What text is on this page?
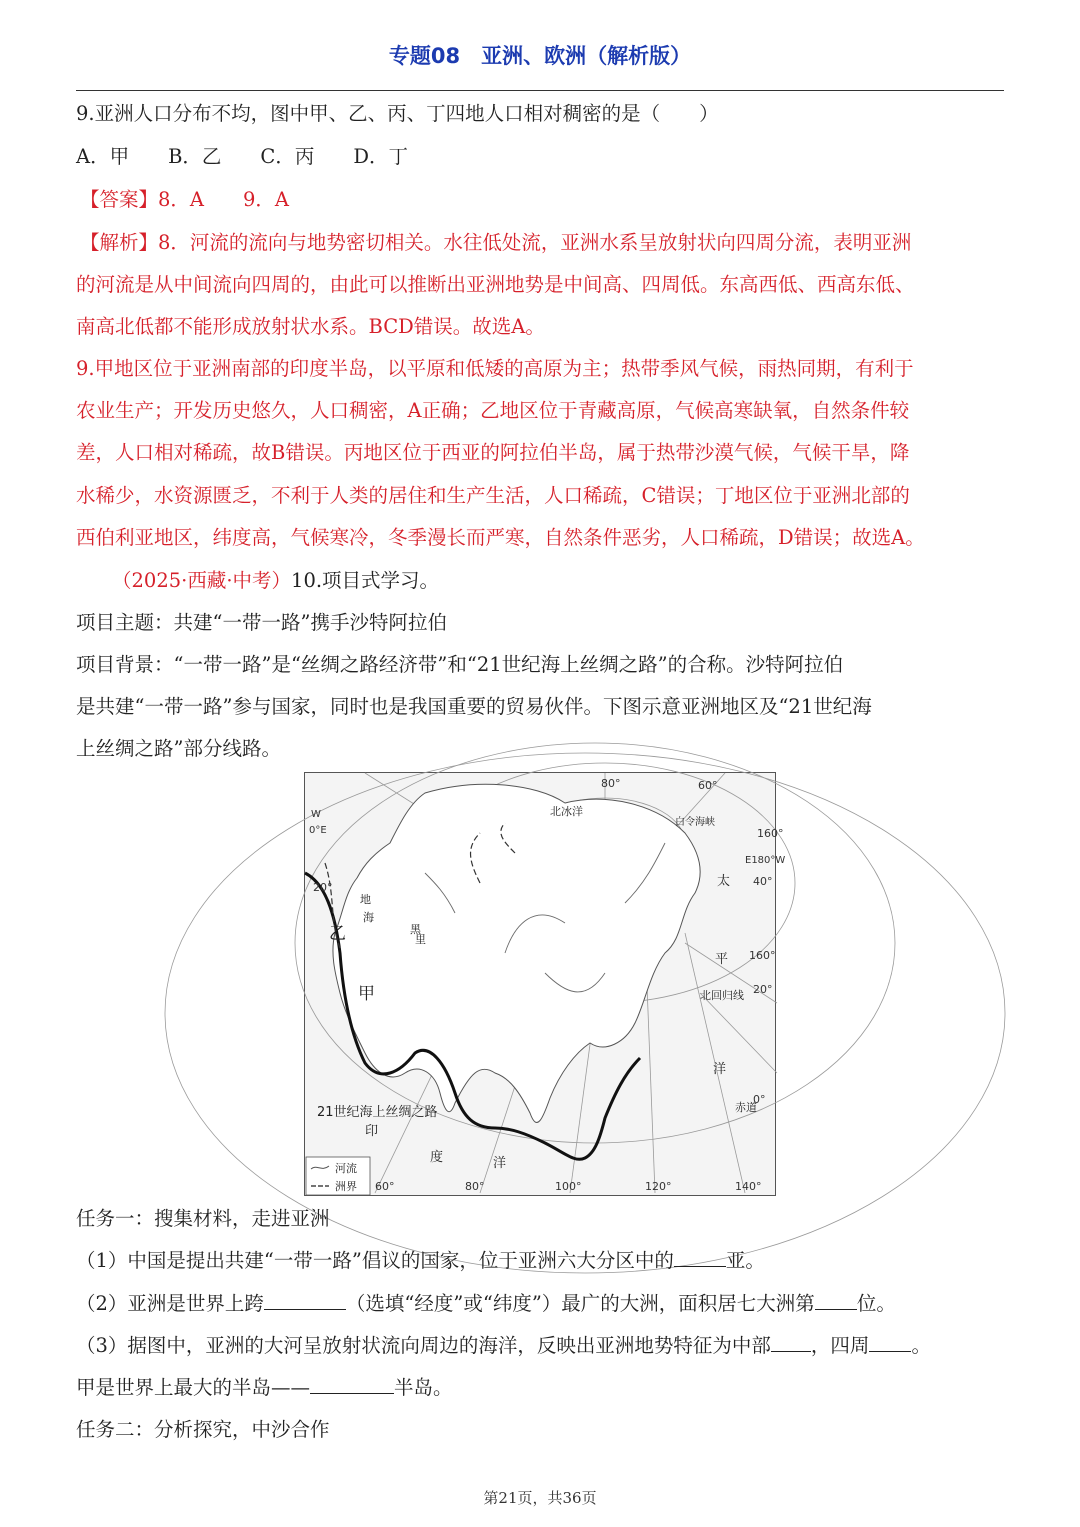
专题08　亚洲、欧洲（解析版）
9.亚洲人口分布不均，图中甲、乙、丙、丁四地人口相对稠密的是（　　）
A．甲　　B．乙　　C．丙　　D．丁
【答案】8．A　　9．A
【解析】8．河流的流向与地势密切相关。水往低处流，亚洲水系呈放射状向四周分流，表明亚洲
的河流是从中间流向四周的，由此可以推断出亚洲地势是中间高、四周低。东高西低、西高东低、
南高北低都不能形成放射状水系。BCD错误。故选A。
9.甲地区位于亚洲南部的印度半岛，以平原和低矮的高原为主；热带季风气候，雨热同期，有利于
农业生产；开发历史悠久，人口稠密，A正确；乙地区位于青藏高原，气候高寒缺氧，自然条件较
差，人口相对稀疏，故B错误。丙地区位于西亚的阿拉伯半岛，属于热带沙漠气候，气候干旱，降
水稀少，水资源匮乏，不利于人类的居住和生产生活，人口稀疏，C错误；丁地区位于亚洲北部的
西伯利亚地区，纬度高，气候寒冷，冬季漫长而严寒，自然条件恶劣，人口稀疏，D错误；故选A。
（2025·西藏·中考）10.项目式学习。
项目主题：共建“一带一路”携手沙特阿拉伯
项目背景：“一带一路”是“丝绸之路经济带”和“21世纪海上丝绸之路”的合称。沙特阿拉伯
是共建“一带一路”参与国家，同时也是我国重要的贸易伙伴。下图示意亚洲地区及“21世纪海
上丝绸之路”部分线路。
乙
甲
太
平
洋
印
度	洋
北冰洋
地
海
黑
里
北回归线
赤道
白令海峡
21世纪海上丝绸之路
60°	80°	100°	120°	140°
60°
40°
20°
0°
20°
80°
160°
E180°W
160°
0°E
W
河流
洲界
任务一：搜集材料，走进亚洲
（1）中国是提出共建“一带一路”倡议的国家，位于亚洲六大分区中的	亚。
（2）亚洲是世界上跨	（选填“经度”或“纬度”）最广的大洲，面积居七大洲第 位。
（3）据图中，亚洲的大河呈放射状流向周边的海洋，反映出亚洲地势特征为中部 ，四周 。
甲是世界上最大的半岛——	半岛。
任务二：分析探究，中沙合作
第21页，共36页
